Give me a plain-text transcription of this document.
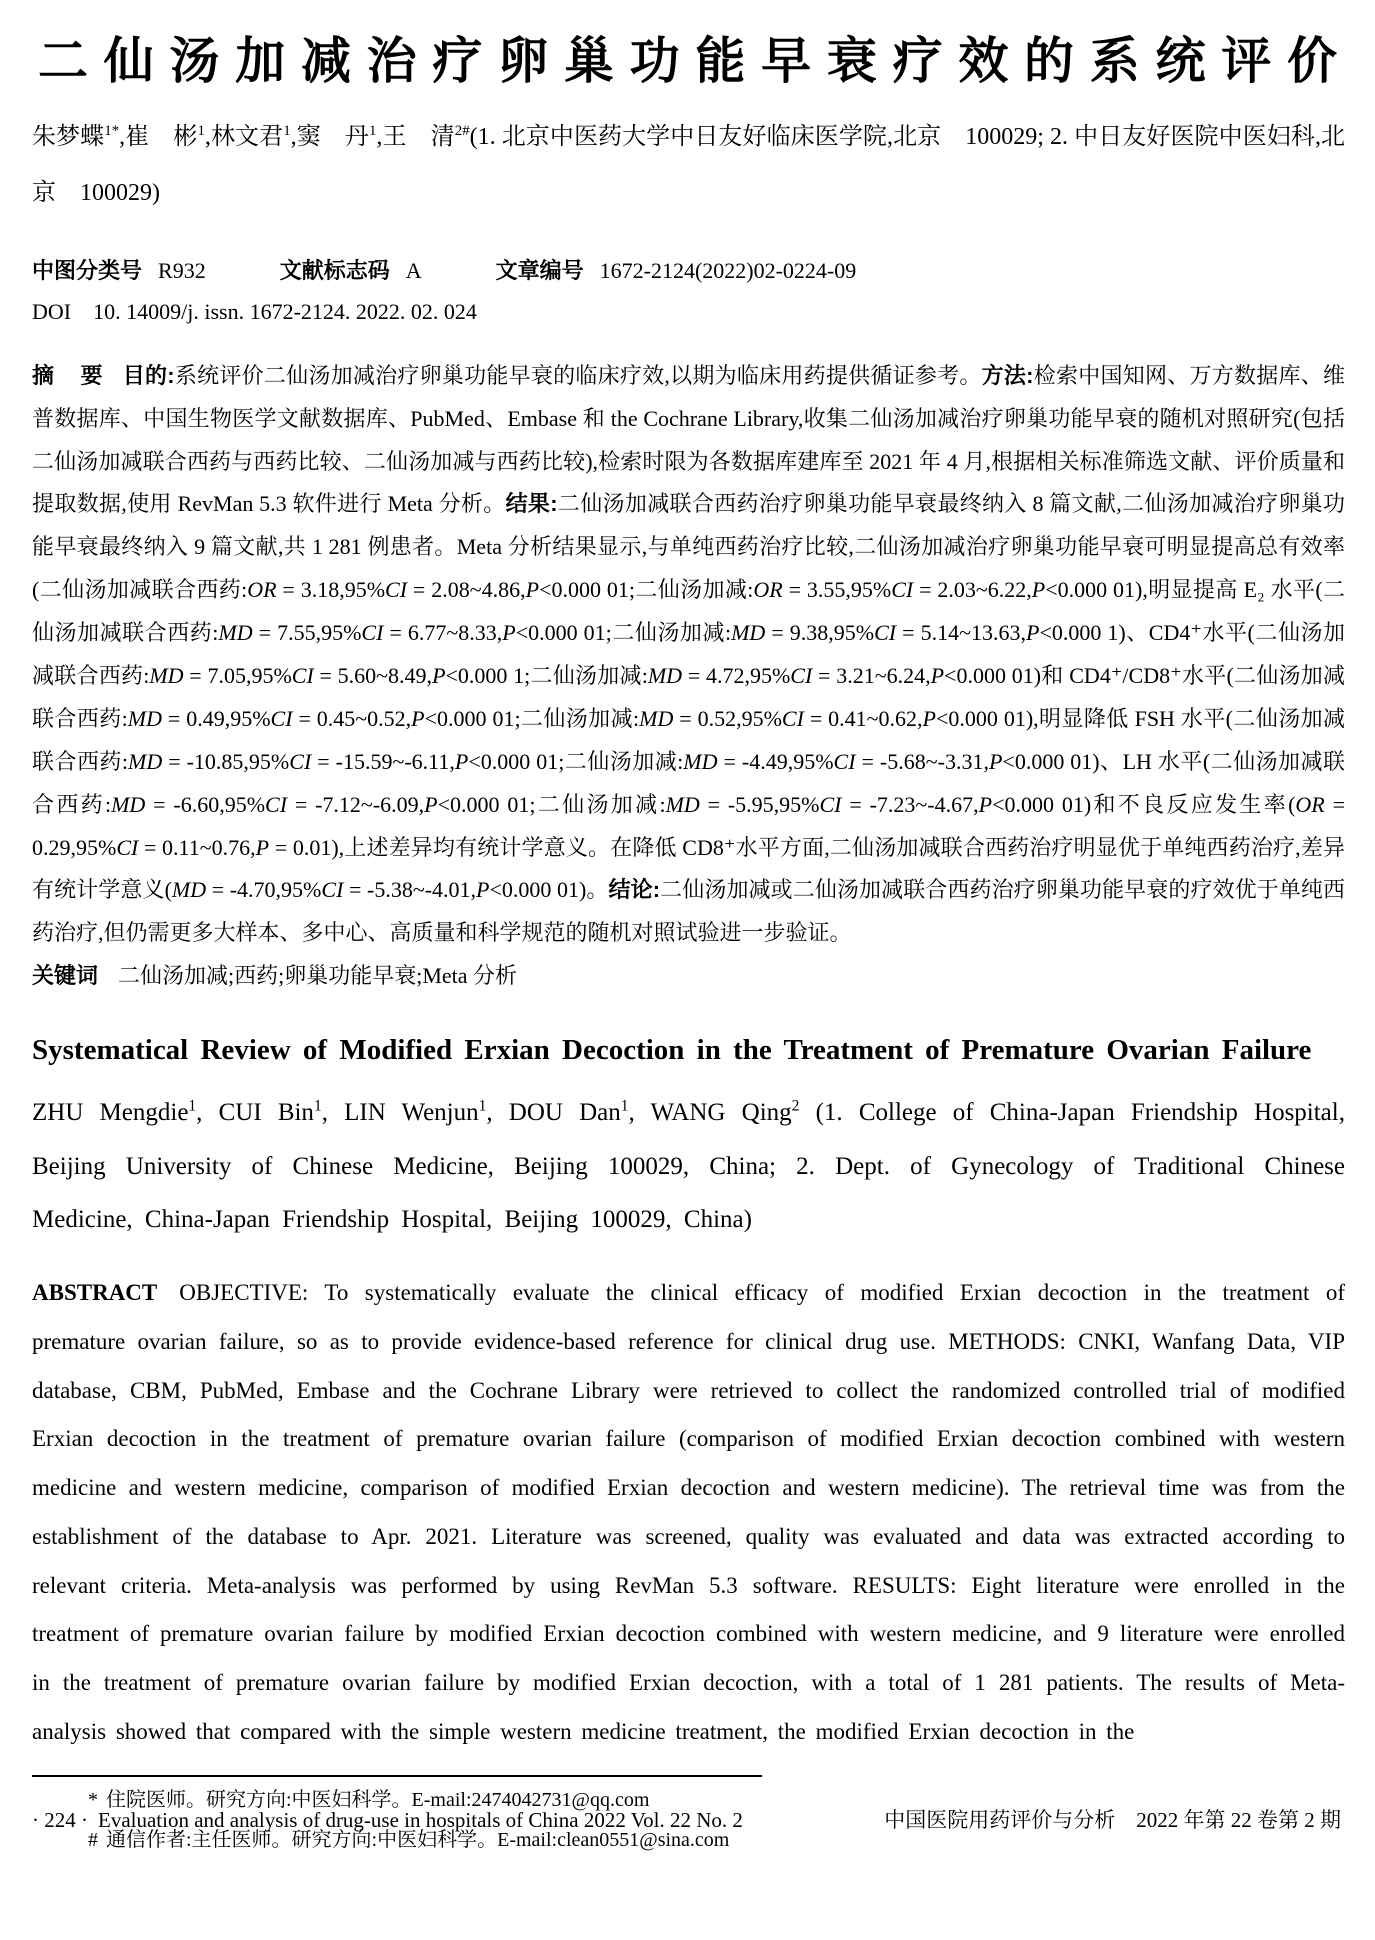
二仙汤加减治疗卵巢功能早衰疗效的系统评价

朱梦蝶$^{1*}$,崔　彬$^1$,林文君$^1$,窦　丹$^1$,王　清$^{2\#}$(1. 北京中医药大学中日友好临床医学院,北京　100029; 2. 中日友好医院中医妇科,北京　100029)

中图分类号 R932	文献标志码 A	文章编号 1672-2124(2022)02-0224-09
DOI 10. 14009/j. issn. 1672-2124. 2022. 02. 024

摘　要 目的:系统评价二仙汤加减治疗卵巢功能早衰的临床疗效,以期为临床用药提供循证参考。方法:检索中国知网、万方数据库、维普数据库、中国生物医学文献数据库、PubMed、Embase 和 the Cochrane Library,收集二仙汤加减治疗卵巢功能早衰的随机对照研究(包括二仙汤加减联合西药与西药比较、二仙汤加减与西药比较),检索时限为各数据库建库至 2021 年 4 月,根据相关标准筛选文献、评价质量和提取数据,使用 RevMan 5.3 软件进行 Meta 分析。结果:二仙汤加减联合西药治疗卵巢功能早衰最终纳入 8 篇文献,二仙汤加减治疗卵巢功能早衰最终纳入 9 篇文献,共 1 281 例患者。Meta 分析结果显示,与单纯西药治疗比较,二仙汤加减治疗卵巢功能早衰可明显提高总有效率(二仙汤加减联合西药:OR = 3.18,95%CI = 2.08~4.86,P<0.000 01;二仙汤加减:OR = 3.55,95%CI = 2.03~6.22,P<0.000 01),明显提高 E₂ 水平(二仙汤加减联合西药:MD = 7.55,95%CI = 6.77~8.33,P<0.000 01;二仙汤加减:MD = 9.38,95%CI = 5.14~13.63,P<0.000 1)、CD4⁺水平(二仙汤加减联合西药:MD = 7.05,95%CI = 5.60~8.49,P<0.000 1;二仙汤加减:MD = 4.72,95%CI = 3.21~6.24,P<0.000 01)和 CD4⁺/CD8⁺水平(二仙汤加减联合西药:MD = 0.49,95%CI = 0.45~0.52,P<0.000 01;二仙汤加减:MD = 0.52,95%CI = 0.41~0.62,P<0.000 01),明显降低 FSH 水平(二仙汤加减联合西药:MD = -10.85,95%CI = -15.59~-6.11,P<0.000 01;二仙汤加减:MD = -4.49,95%CI = -5.68~-3.31,P<0.000 01)、LH 水平(二仙汤加减联合西药:MD = -6.60,95%CI = -7.12~-6.09,P<0.000 01;二仙汤加减:MD = -5.95,95%CI = -7.23~-4.67,P<0.000 01)和不良反应发生率(OR = 0.29,95%CI = 0.11~0.76,P = 0.01),上述差异均有统计学意义。在降低 CD8⁺水平方面,二仙汤加减联合西药治疗明显优于单纯西药治疗,差异有统计学意义(MD = -4.70,95%CI = -5.38~-4.01,P<0.000 01)。结论:二仙汤加减或二仙汤加减联合西药治疗卵巢功能早衰的疗效优于单纯西药治疗,但仍需更多大样本、多中心、高质量和科学规范的随机对照试验进一步验证。

关键词 二仙汤加减;西药;卵巢功能早衰;Meta 分析

Systematical Review of Modified Erxian Decoction in the Treatment of Premature Ovarian Failure

ZHU Mengdie$^1$, CUI Bin$^1$, LIN Wenjun$^1$, DOU Dan$^1$, WANG Qing$^2$ (1. College of China-Japan Friendship Hospital, Beijing University of Chinese Medicine, Beijing 100029, China; 2. Dept. of Gynecology of Traditional Chinese Medicine, China-Japan Friendship Hospital, Beijing 100029, China)

ABSTRACT OBJECTIVE: To systematically evaluate the clinical efficacy of modified Erxian decoction in the treatment of premature ovarian failure, so as to provide evidence-based reference for clinical drug use. METHODS: CNKI, Wanfang Data, VIP database, CBM, PubMed, Embase and the Cochrane Library were retrieved to collect the randomized controlled trial of modified Erxian decoction in the treatment of premature ovarian failure (comparison of modified Erxian decoction combined with western medicine and western medicine, comparison of modified Erxian decoction and western medicine). The retrieval time was from the establishment of the database to Apr. 2021. Literature was screened, quality was evaluated and data was extracted according to relevant criteria. Meta-analysis was performed by using RevMan 5.3 software. RESULTS: Eight literature were enrolled in the treatment of premature ovarian failure by modified Erxian decoction combined with western medicine, and 9 literature were enrolled in the treatment of premature ovarian failure by modified Erxian decoction, with a total of 1 281 patients. The results of Meta-analysis showed that compared with the simple western medicine treatment, the modified Erxian decoction in the

* 住院医师。研究方向:中医妇科学。E-mail:2474042731@qq.com

# 通信作者:主任医师。研究方向:中医妇科学。E-mail:clean0551@sina.com

· 224 · Evaluation and analysis of drug-use in hospitals of China 2022 Vol. 22 No. 2	中国医院用药评价与分析　2022 年第 22 卷第 2 期
